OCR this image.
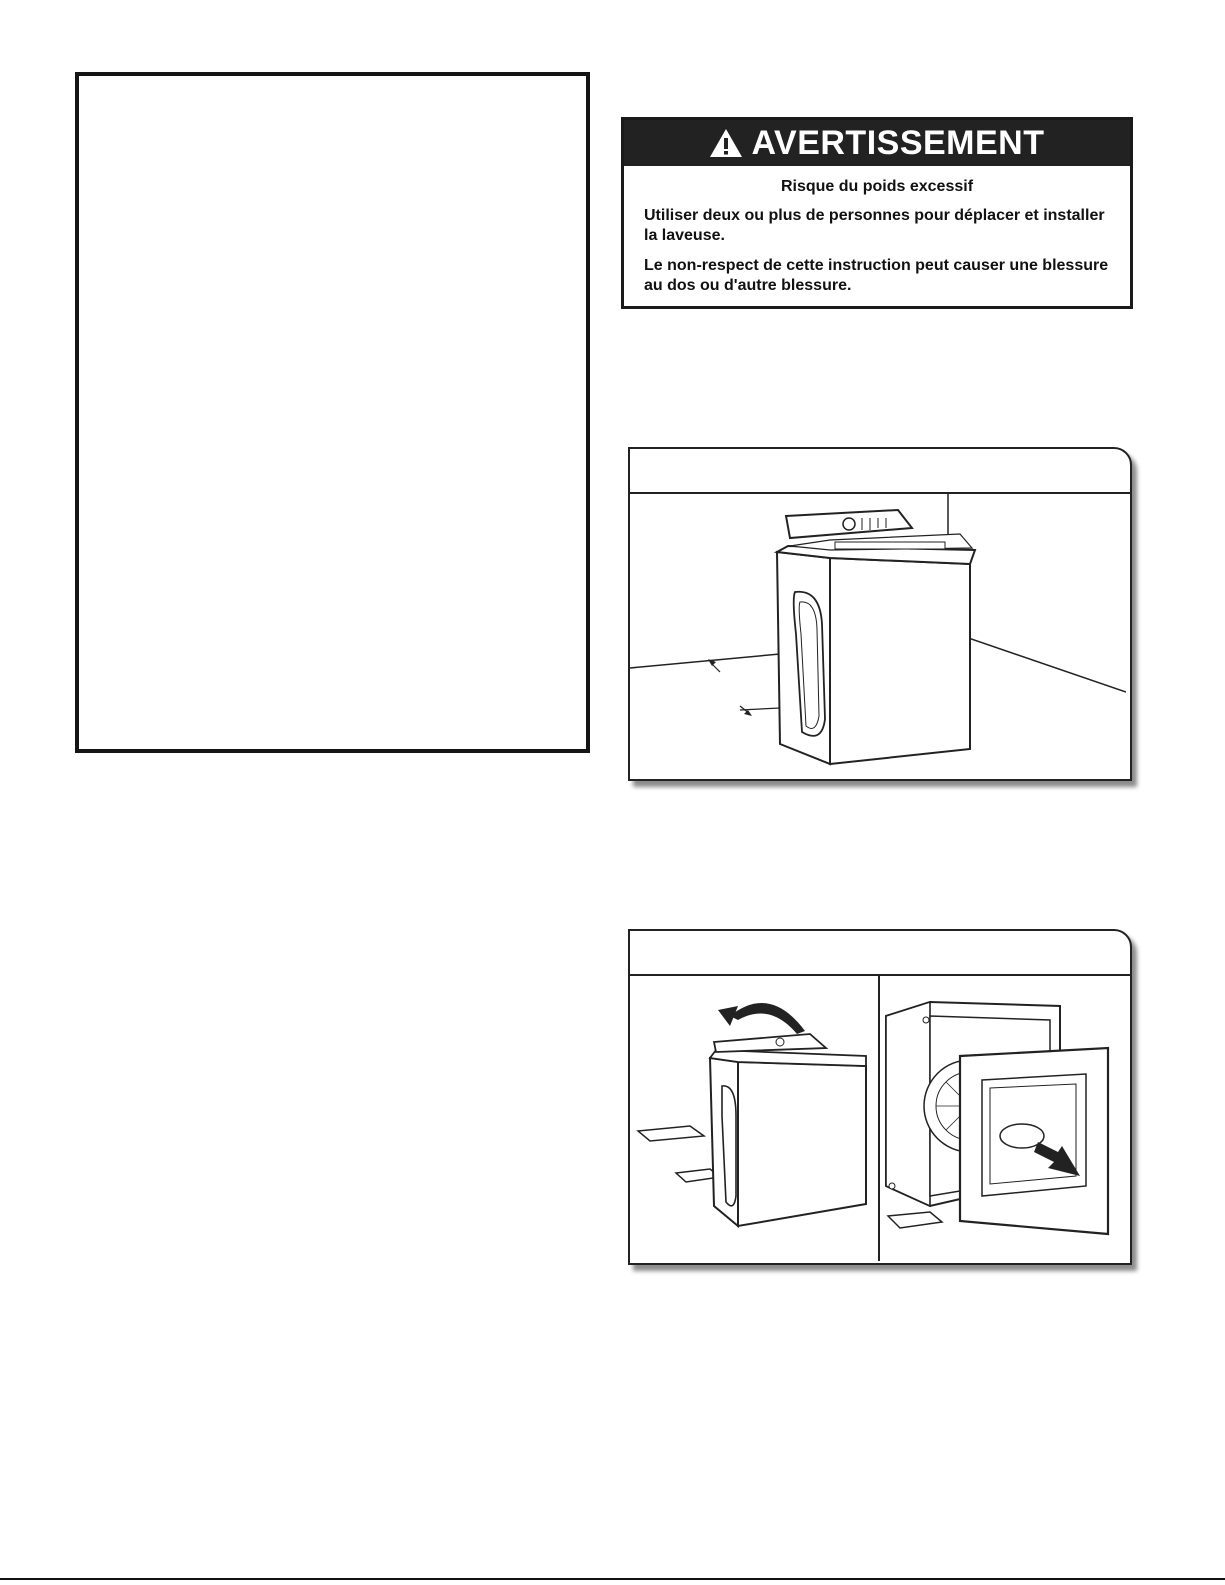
AVERTISSEMENT
Risque du poids excessif
Utiliser deux ou plus de personnes pour déplacer et installer la laveuse.
Le non-respect de cette instruction peut causer une blessure au dos ou d'autre blessure.
